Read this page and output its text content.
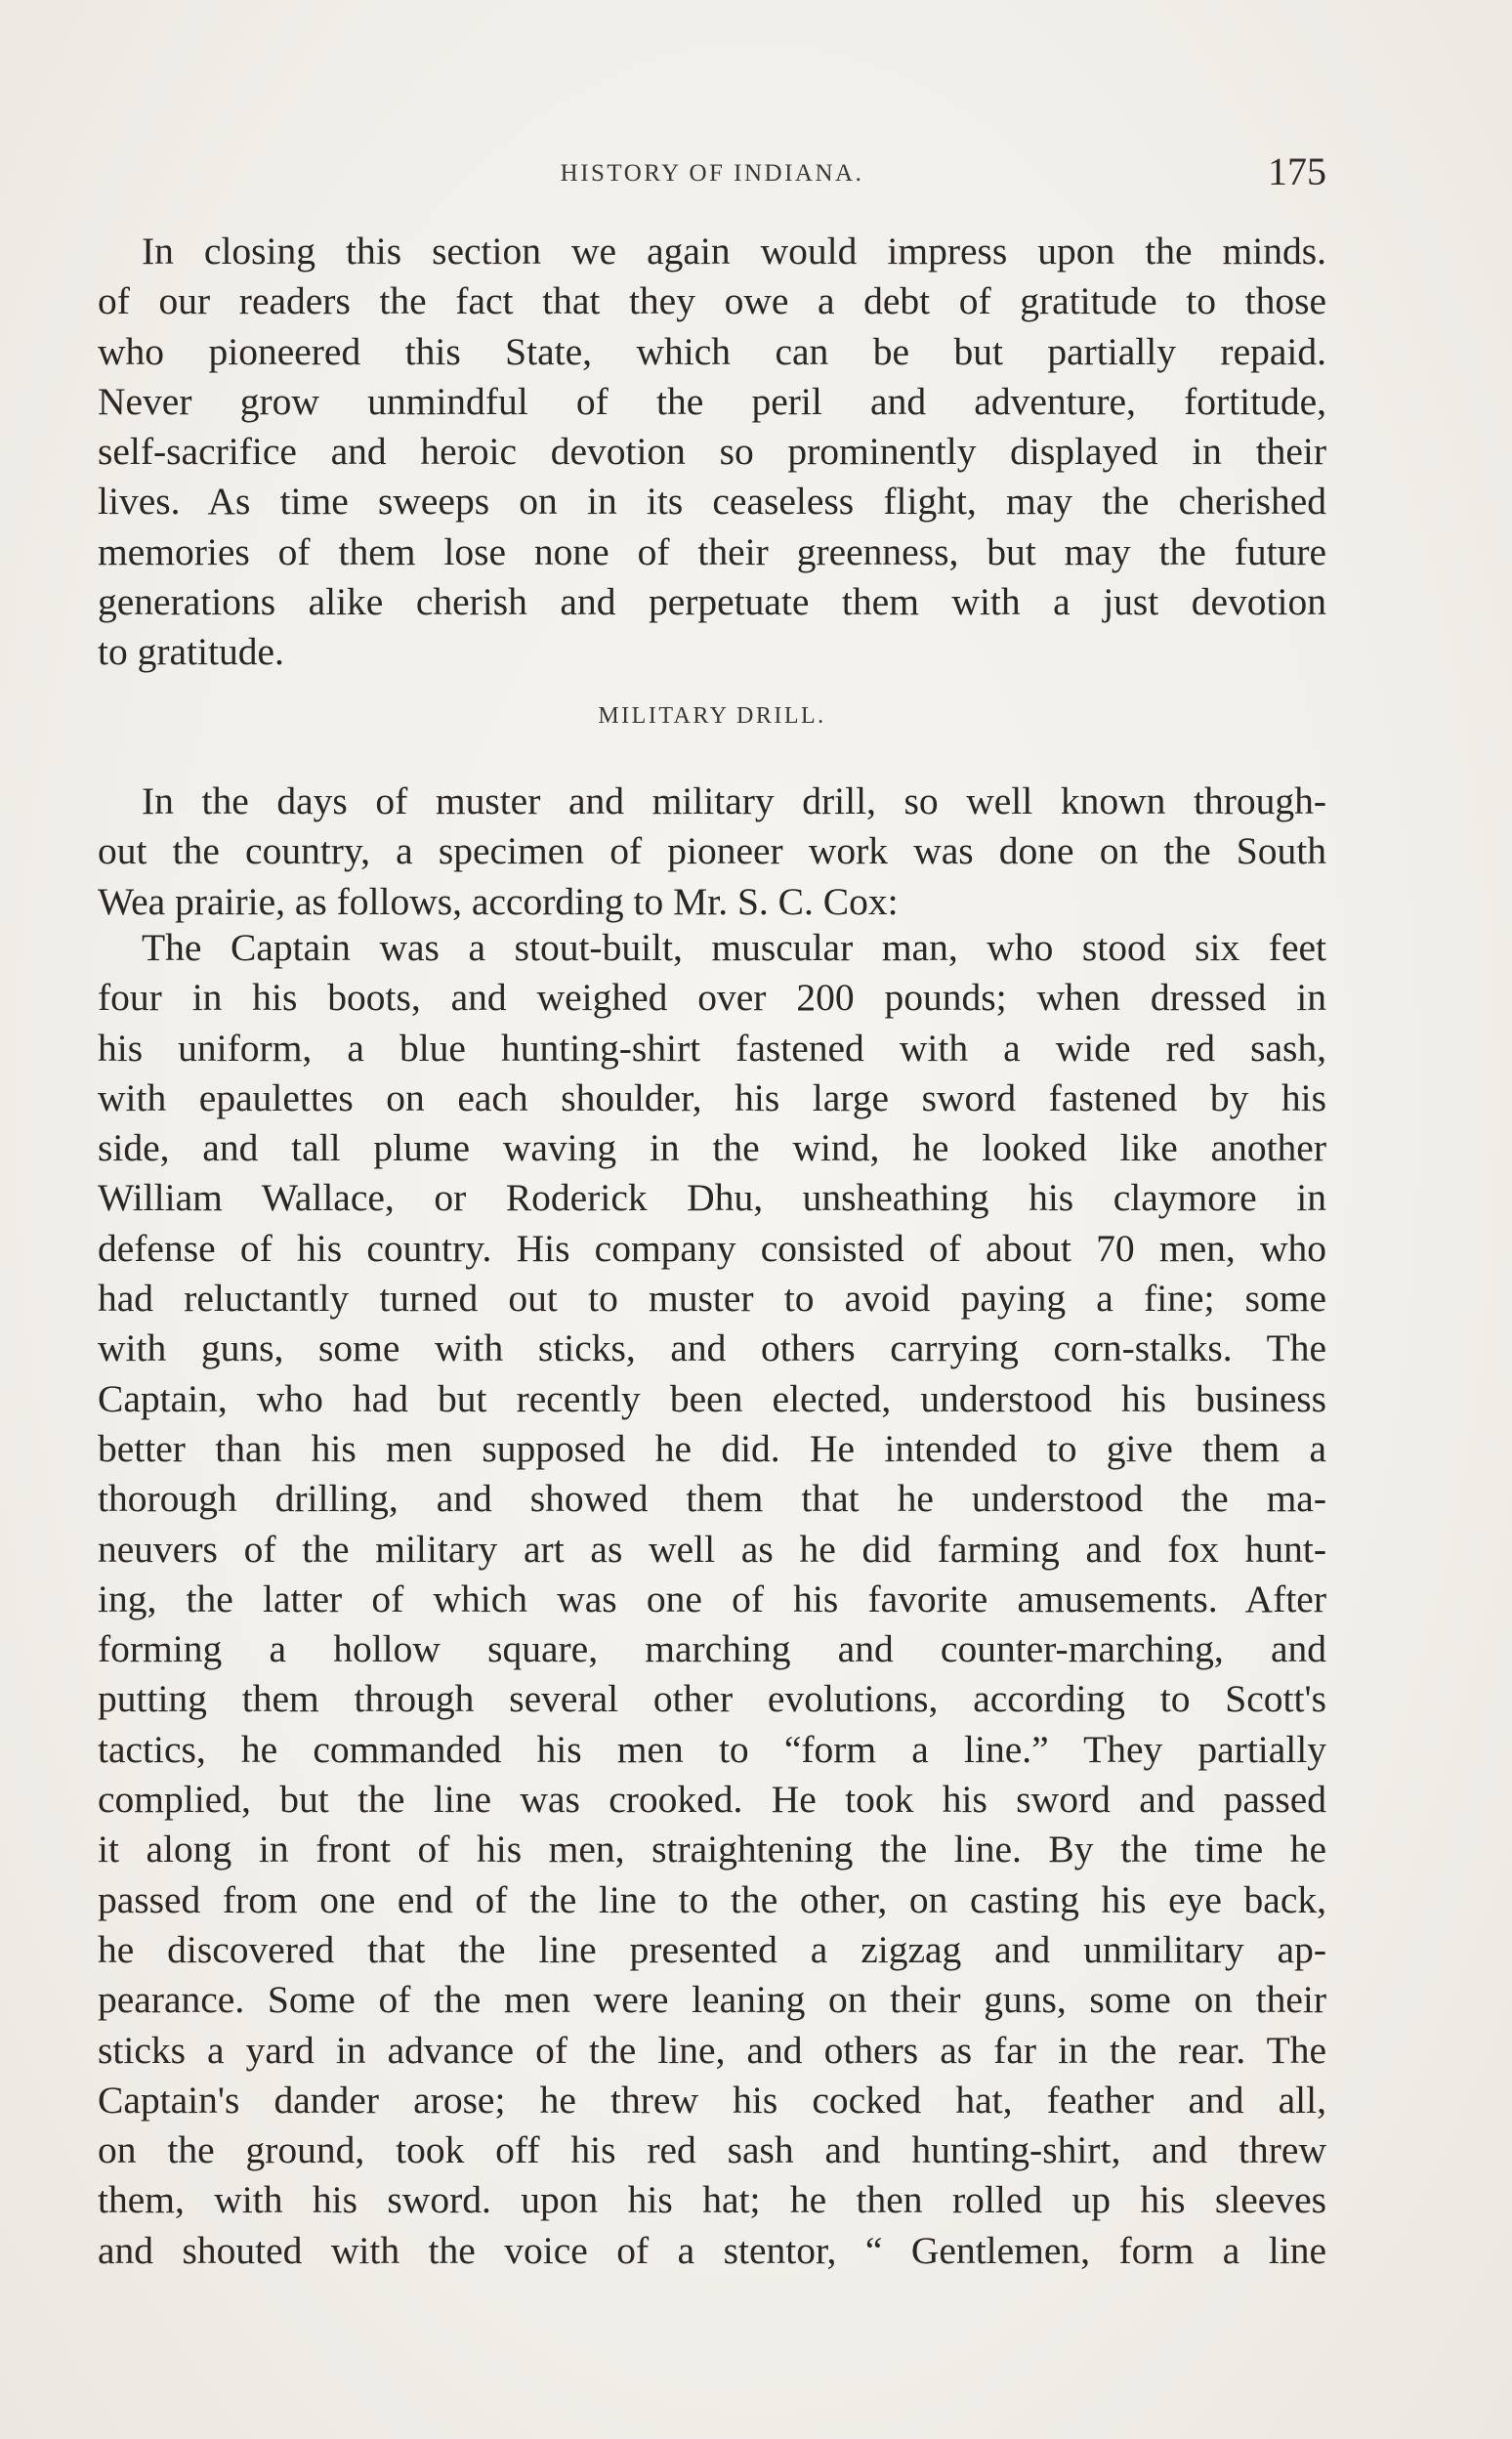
HISTORY OF INDIANA.	175
In closing this section we again would impress upon the minds.
of our readers the fact that they owe a debt of gratitude to those
who pioneered this State, which can be but partially repaid.
Never grow unmindful of the peril and adventure, fortitude,
self-sacrifice and heroic devotion so prominently displayed in their
lives. As time sweeps on in its ceaseless flight, may the cherished
memories of them lose none of their greenness, but may the future
generations alike cherish and perpetuate them with a just devotion
to gratitude.
MILITARY DRILL.
In the days of muster and military drill, so well known through-
out the country, a specimen of pioneer work was done on the South
Wea prairie, as follows, according to Mr. S. C. Cox:
The Captain was a stout-built, muscular man, who stood six feet
four in his boots, and weighed over 200 pounds; when dressed in
his uniform, a blue hunting-shirt fastened with a wide red sash,
with epaulettes on each shoulder, his large sword fastened by his
side, and tall plume waving in the wind, he looked like another
William Wallace, or Roderick Dhu, unsheathing his claymore in
defense of his country. His company consisted of about 70 men, who
had reluctantly turned out to muster to avoid paying a fine; some
with guns, some with sticks, and others carrying corn-stalks. The
Captain, who had but recently been elected, understood his business
better than his men supposed he did. He intended to give them a
thorough drilling, and showed them that he understood the ma-
neuvers of the military art as well as he did farming and fox hunt-
ing, the latter of which was one of his favorite amusements. After
forming a hollow square, marching and counter-marching, and
putting them through several other evolutions, according to Scott's
tactics, he commanded his men to “form a line.” They partially
complied, but the line was crooked. He took his sword and passed
it along in front of his men, straightening the line. By the time he
passed from one end of the line to the other, on casting his eye back,
he discovered that the line presented a zigzag and unmilitary ap-
pearance. Some of the men were leaning on their guns, some on their
sticks a yard in advance of the line, and others as far in the rear. The
Captain's dander arose; he threw his cocked hat, feather and all,
on the ground, took off his red sash and hunting-shirt, and threw
them, with his sword. upon his hat; he then rolled up his sleeves
and shouted with the voice of a stentor, “ Gentlemen, form a line
